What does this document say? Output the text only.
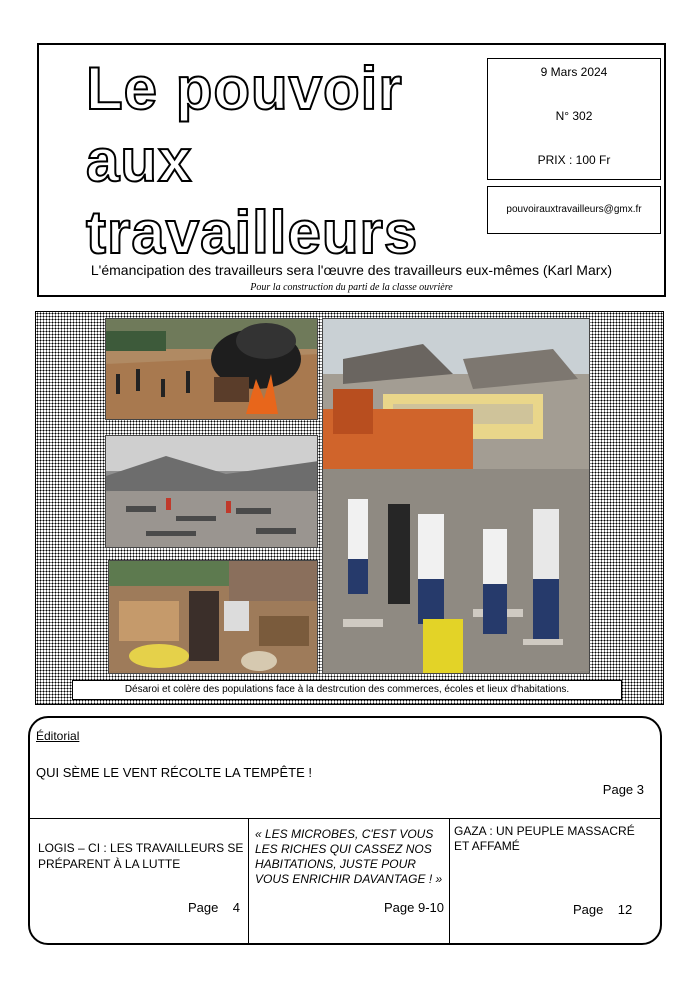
Le pouvoir
aux
travailleurs
9 Mars 2024
N° 302
PRIX : 100 Fr
pouvoirauxtravailleurs@gmx.fr
L'émancipation des travailleurs sera l'œuvre des travailleurs eux-mêmes (Karl Marx)
Pour la construction du parti de la classe ouvrière
Désaroi et colère des populations face à la destrcution des commerces, écoles et lieux d'habitations.
Éditorial
QUI SÈME LE VENT RÉCOLTE LA TEMPÊTE !
Page 3
LOGIS – CI : LES TRAVAILLEURS SE PRÉPARENT À LA LUTTE
Page    4
« LES MICROBES, C'EST VOUS LES RICHES QUI CASSEZ NOS HABITATIONS, JUSTE POUR VOUS ENRICHIR DAVANTAGE ! »
Page 9-10
GAZA : UN PEUPLE MASSACRÉ ET AFFAMÉ
Page    12
